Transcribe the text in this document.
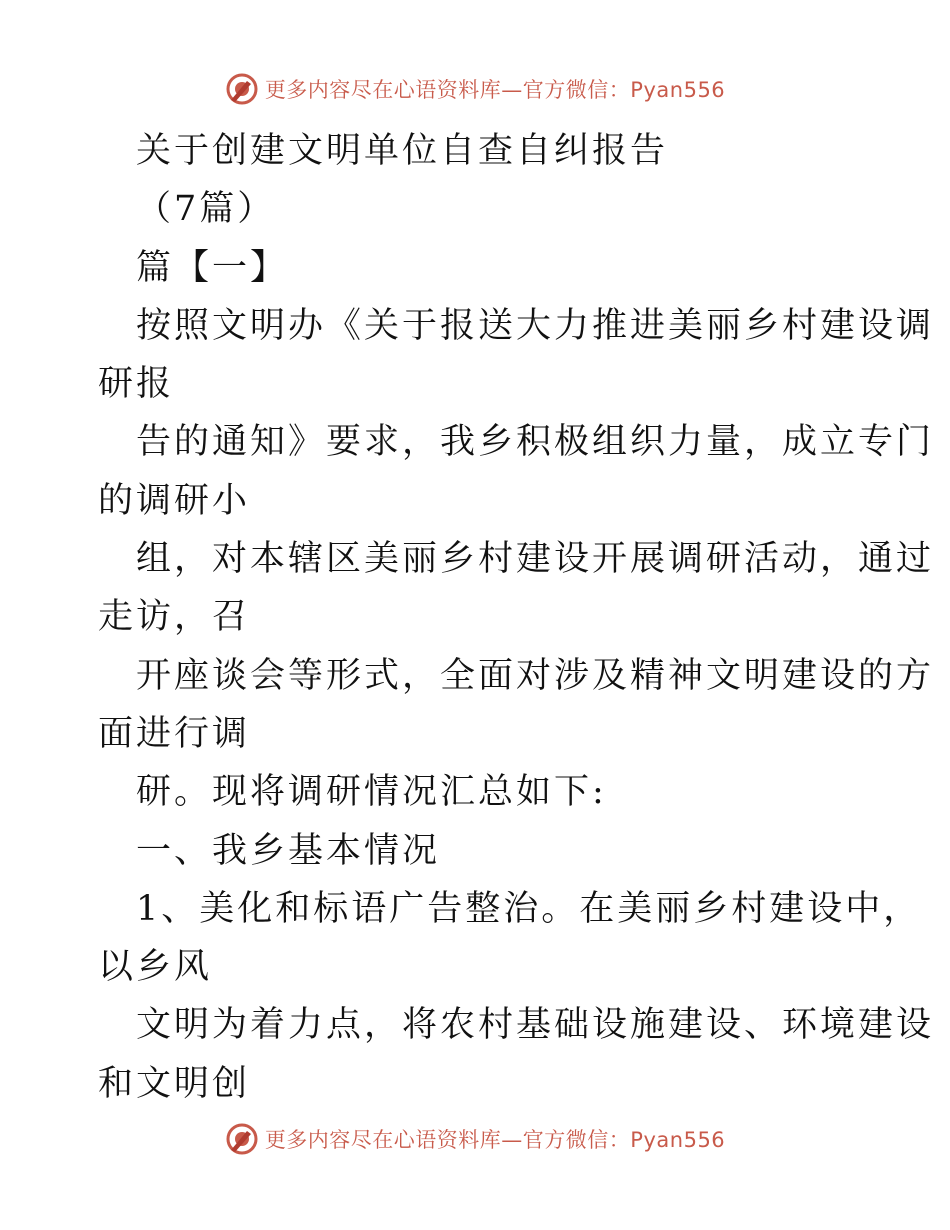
更多内容尽在心语资料库—官方微信：Pyan556
关于创建文明单位自查自纠报告
（7篇）
篇【一】
按照文明办《关于报送大力推进美丽乡村建设调
研报
告的通知》要求，我乡积极组织力量，成立专门
的调研小
组，对本辖区美丽乡村建设开展调研活动，通过
走访，召
开座谈会等形式，全面对涉及精神文明建设的方
面进行调
研。现将调研情况汇总如下:
一、我乡基本情况
1、美化和标语广告整治。在美丽乡村建设中，
以乡风
文明为着力点，将农村基础设施建设、环境建设
和文明创
更多内容尽在心语资料库—官方微信：Pyan556
